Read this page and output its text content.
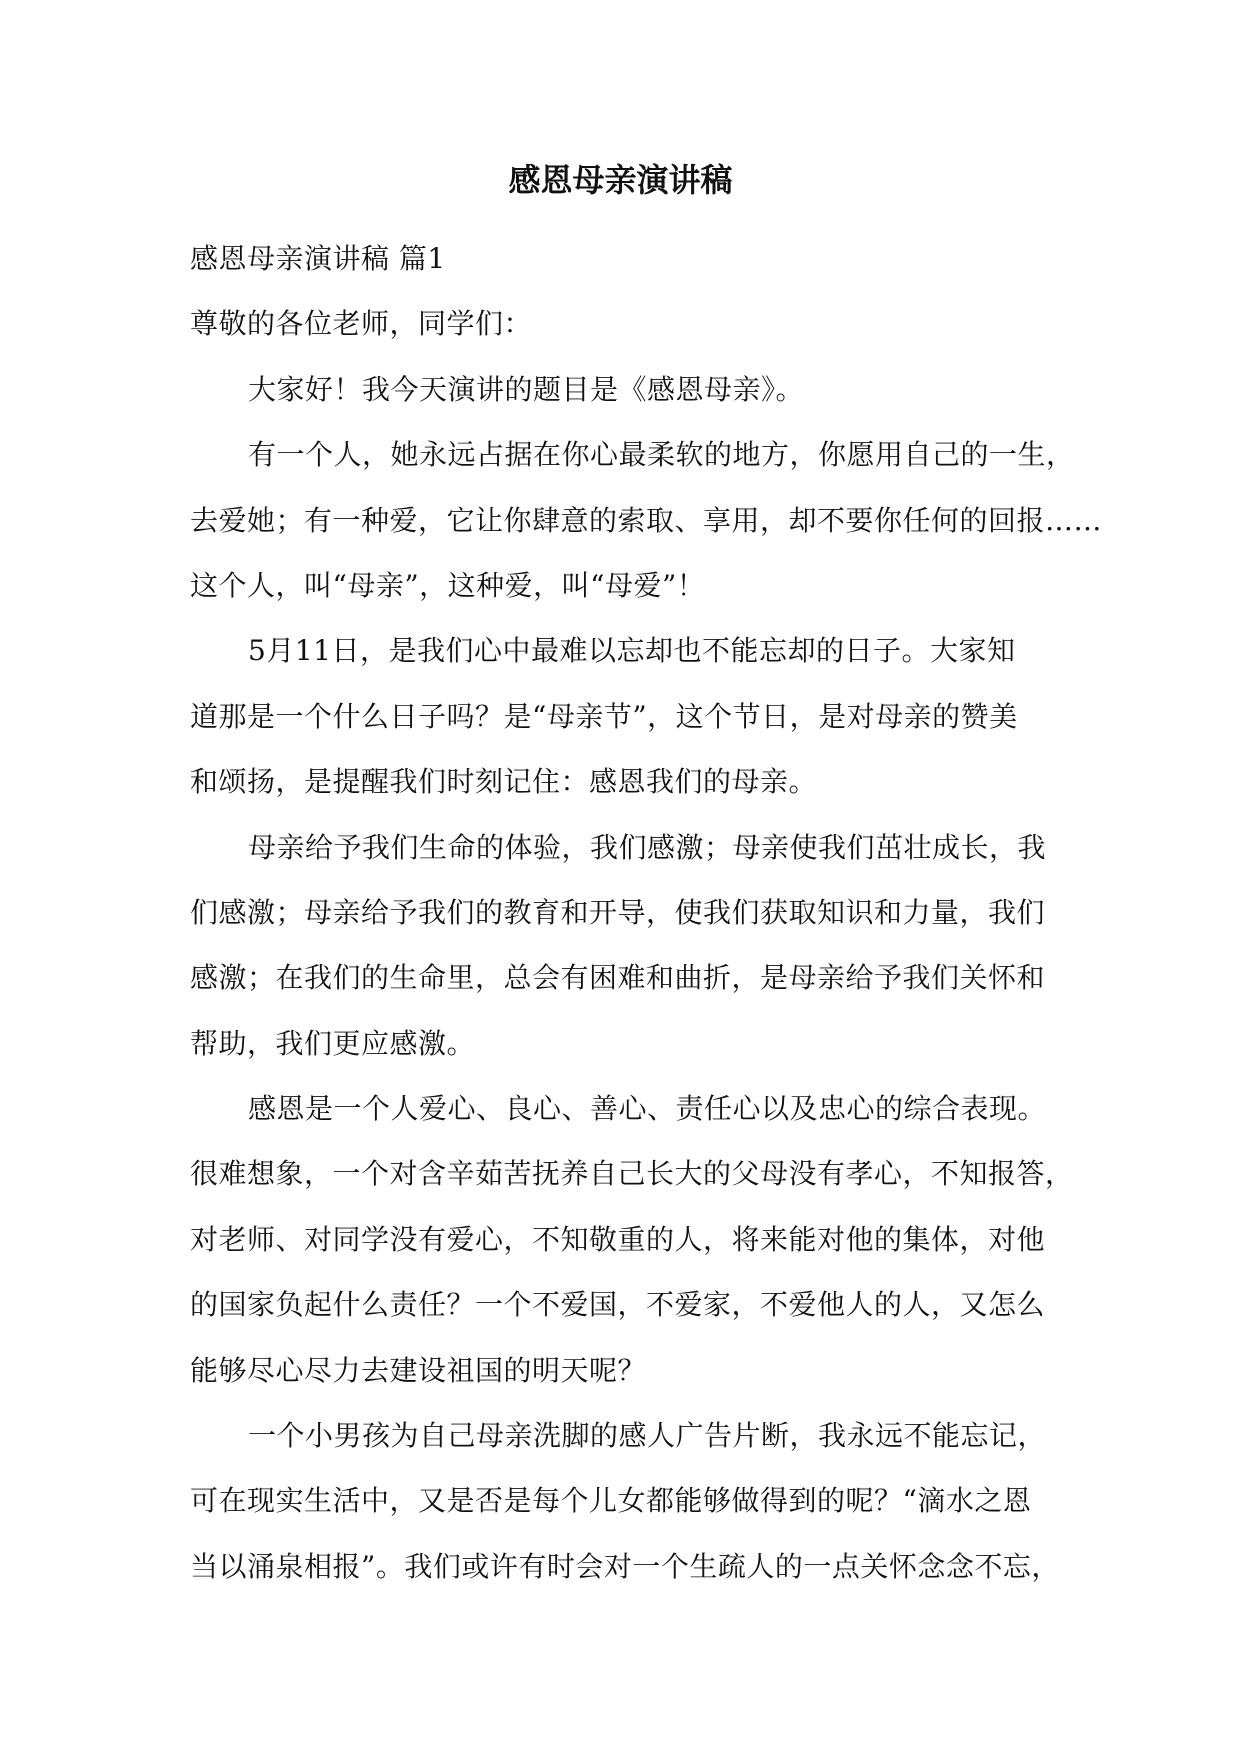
感恩母亲演讲稿

感恩母亲演讲稿 篇1

尊敬的各位老师，同学们：

大家好！我今天演讲的题目是《感恩母亲》。

有一个人，她永远占据在你心最柔软的地方，你愿用自己的一生，

去爱她；有一种爱，它让你肆意的索取、享用，却不要你任何的回报……

这个人，叫“母亲”，这种爱，叫“母爱”！

5月11日，是我们心中最难以忘却也不能忘却的日子。大家知

道那是一个什么日子吗？是“母亲节”，这个节日，是对母亲的赞美

和颂扬，是提醒我们时刻记住：感恩我们的母亲。

母亲给予我们生命的体验，我们感激；母亲使我们茁壮成长，我

们感激；母亲给予我们的教育和开导，使我们获取知识和力量，我们

感激；在我们的生命里，总会有困难和曲折，是母亲给予我们关怀和

帮助，我们更应感激。

感恩是一个人爱心、良心、善心、责任心以及忠心的综合表现。

很难想象，一个对含辛茹苦抚养自己长大的父母没有孝心，不知报答，

对老师、对同学没有爱心，不知敬重的人，将来能对他的集体，对他

的国家负起什么责任？一个不爱国，不爱家，不爱他人的人，又怎么

能够尽心尽力去建设祖国的明天呢？

一个小男孩为自己母亲洗脚的感人广告片断，我永远不能忘记，

可在现实生活中，又是否是每个儿女都能够做得到的呢？“滴水之恩

当以涌泉相报”。我们或许有时会对一个生疏人的一点关怀念念不忘，
